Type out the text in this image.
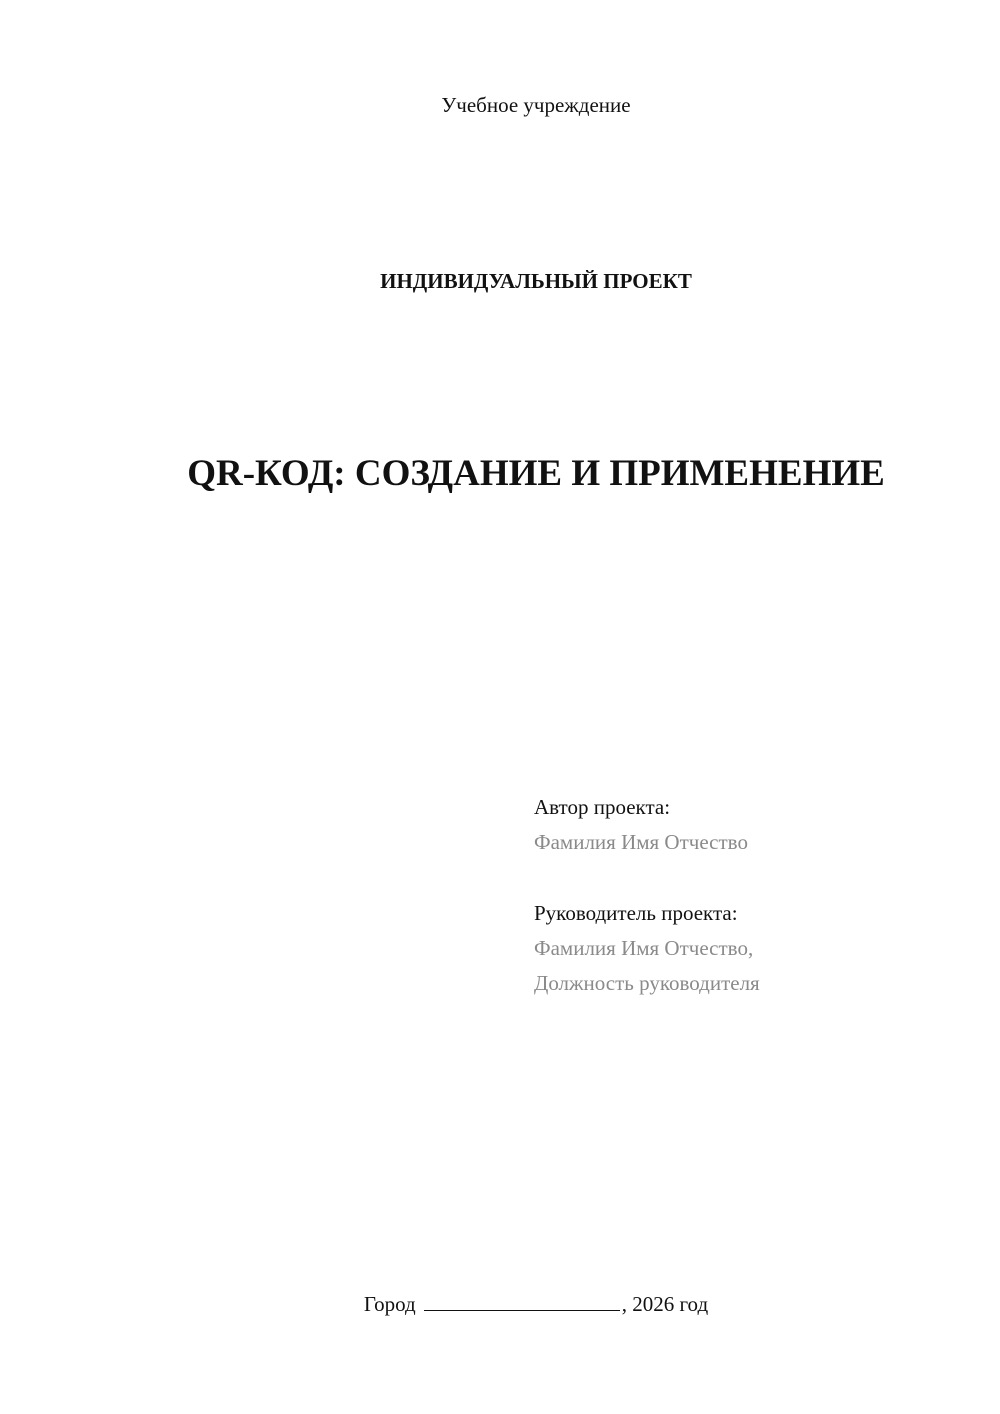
Учебное учреждение
ИНДИВИДУАЛЬНЫЙ ПРОЕКТ
QR-КОД: СОЗДАНИЕ И ПРИМЕНЕНИЕ
Автор проекта:
Фамилия Имя Отчество
Руководитель проекта:
Фамилия Имя Отчество,
Должность руководителя
Город	, 2026 год
